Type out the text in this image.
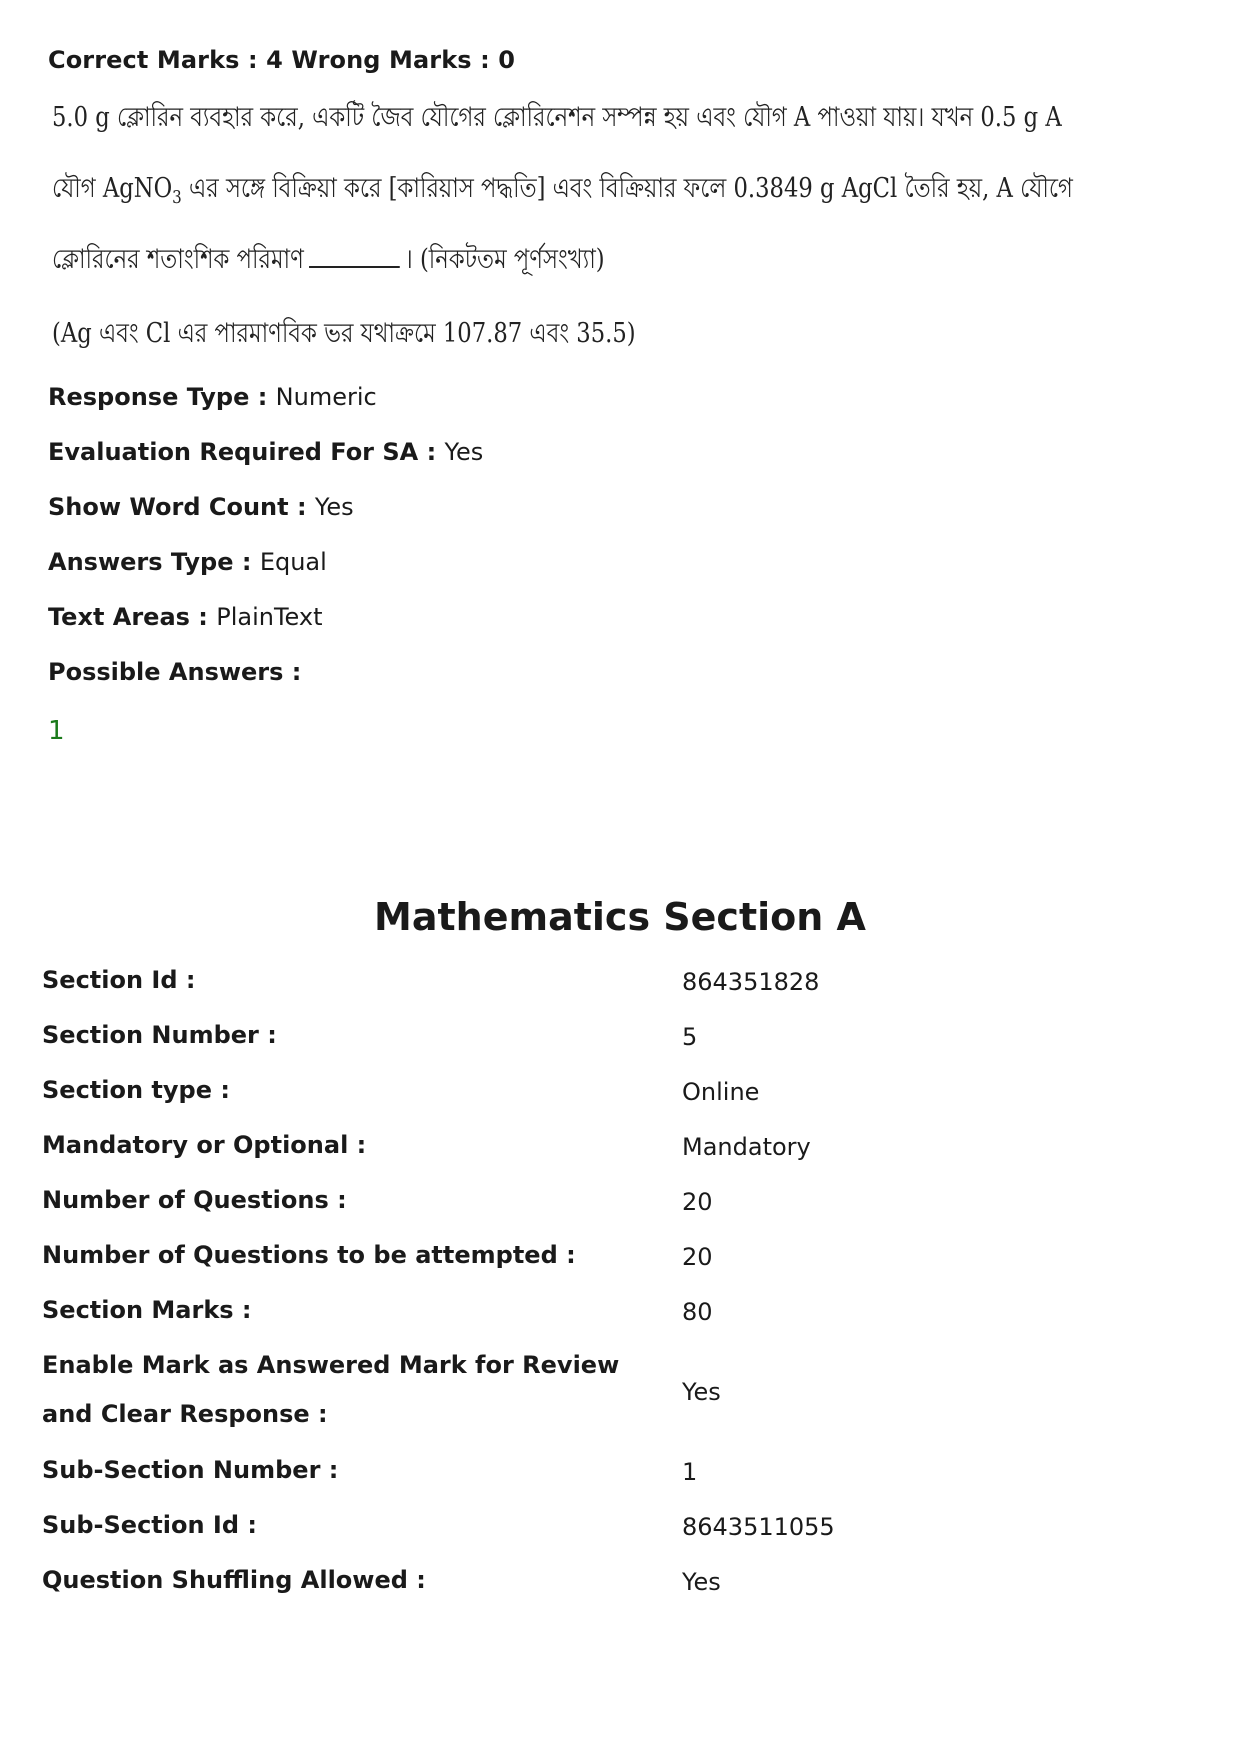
Correct Marks : 4 Wrong Marks : 0
5.0 g ক্লোরিন ব্যবহার করে, একটি জৈব যৌগের ক্লোরিনেশন সম্পন্ন হয় এবং যৌগ A পাওয়া যায়। যখন 0.5 g A
যৌগ AgNO$_3$ এর সঙ্গে বিক্রিয়া করে [কারিয়াস পদ্ধতি] এবং বিক্রিয়ার ফলে 0.3849 g AgCl তৈরি হয়, A যৌগে
ক্লোরিনের শতাংশিক পরিমাণ	। (নিকটতম পূর্ণসংখ্যা)
(Ag এবং Cl এর পারমাণবিক ভর যথাক্রমে 107.87 এবং 35.5)
Response Type : Numeric
Evaluation Required For SA : Yes
Show Word Count : Yes
Answers Type : Equal
Text Areas : PlainText
Possible Answers :
1
Mathematics Section A
Section Id :	864351828
Section Number :	5
Section type :	Online
Mandatory or Optional :	Mandatory
Number of Questions :	20
Number of Questions to be attempted :	20
Section Marks :	80
Enable Mark as Answered Mark for Review and Clear Response :
Yes
Sub-Section Number :	1
Sub-Section Id :	8643511055
Question Shuffling Allowed :	Yes
